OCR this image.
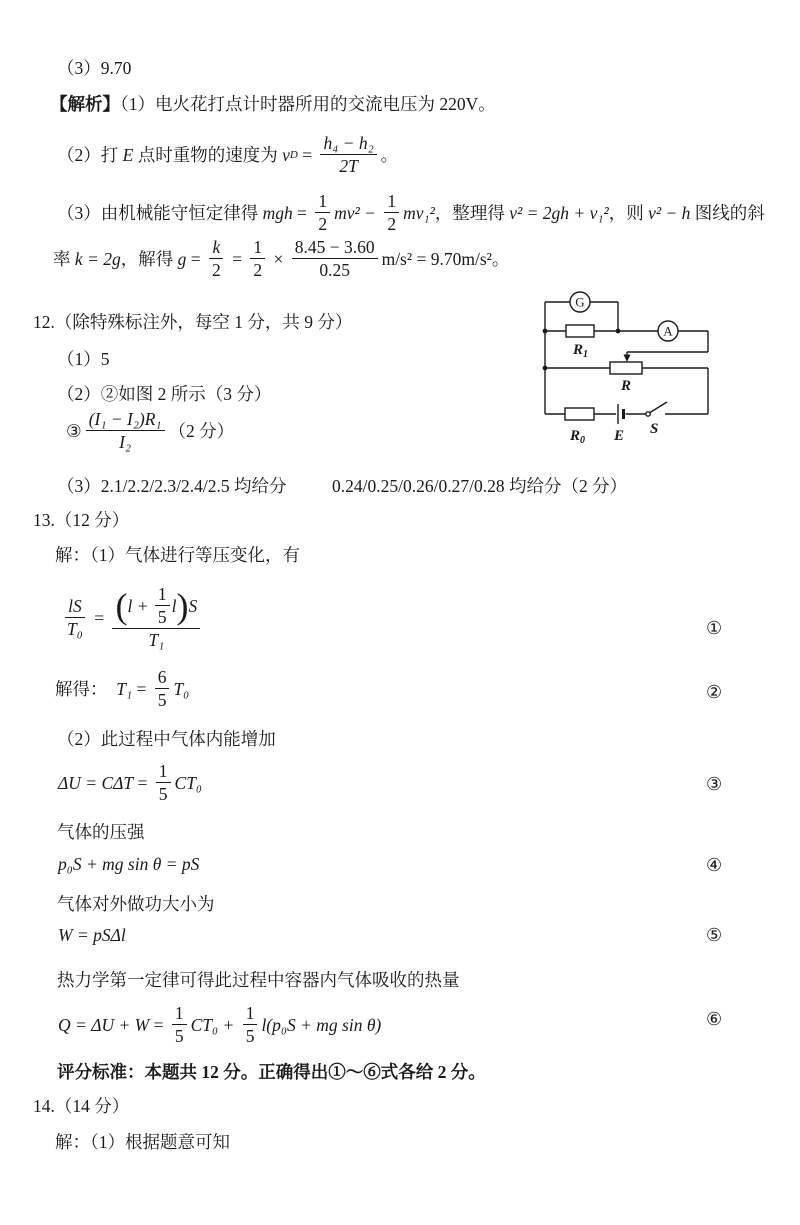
（3）9.70
【解析】（1）电火花打点计时器所用的交流电压为 220V。
（2）打 E 点时重物的速度为 v $D = \frac{\text{h₄ − h₂}}{2T}$ 。
（3）由机械能守恒定律得 mgh = $\frac{1}{2} mv^2 - \frac{1}{2} mv_1^2$ ，整理得 v² = 2gh + v₁² ，则 v² − h 图线的斜
率 k = 2g ，解得 $g = \frac{k}{2} = \frac{1}{2} \times \frac{8.45 - 3.60}{0.25} m/s^2 = 9.70m/s^2$ 。
12.（除特殊标注外，每空 1 分，共 9 分）
（1）5
（2）②如图 2 所示（3 分）
③ $\frac{\text{(I₁ − I₂)R₁}}{\text{I₂}} (2$ 分）
（3）2.1/2.2/2.3/2.4/2.5 均给分	0.24/0.25/0.26/0.27/0.28 均给分（2 分）
G
A
$R_1$
R
$R_0$ E S
13.（12 分）
解：（1）气体进行等压变化，有
$\frac{lS}{\text{T₀}} = \frac{( l + \frac{1}{5} l ) S}{\text{T₁}}$	①
解得： $T_1 = \frac{6}{5} T_0$	②
（2）此过程中气体内能增加
$\Delta U = C\Delta T = \frac{1}{5} CT_0$	③
气体的压强
p₀S + mg sin θ = pS	④
气体对外做功大小为
W = pSΔl	⑤
热力学第一定律可得此过程中容器内气体吸收的热量
$Q = \Delta U + W = \frac{1}{5} CT_0 + \frac{1}{5} l(p_0S$ + mg sin θ)	⑥
评分标准：本题共 12 分。正确得出①～⑥式各给 2 分。
14.（14 分）
解：（1）根据题意可知
